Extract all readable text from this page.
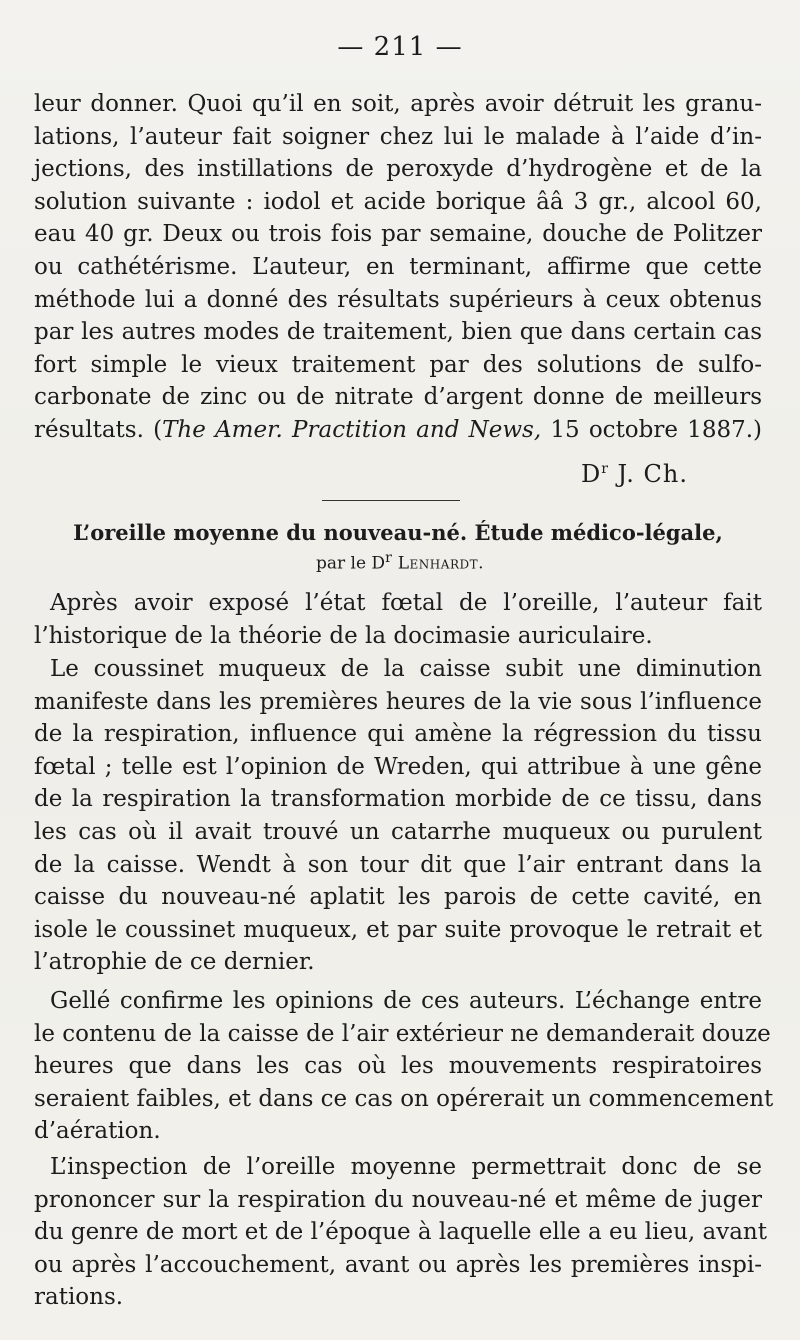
— 211 —
leur donner. Quoi qu’il en soit, après avoir détruit les granu-
lations, l’auteur fait soigner chez lui le malade à l’aide d’in-
jections, des instillations de peroxyde d’hydrogène et de la
solution suivante : iodol et acide borique ââ 3 gr., alcool 60,
eau 40 gr. Deux ou trois fois par semaine, douche de Politzer
ou cathétérisme. L’auteur, en terminant, affirme que cette
méthode lui a donné des résultats supérieurs à ceux obtenus
par les autres modes de traitement, bien que dans certain cas
fort simple le vieux traitement par des solutions de sulfo-
carbonate de zinc ou de nitrate d’argent donne de meilleurs
résultats. (The Amer. Practition and News, 15 octobre 1887.)
$D^r$ J. Ch.
L’oreille moyenne du nouveau-né. Étude médico-légale,
par le $D^r$ Lenhardt.
Après avoir exposé l’état fœtal de l’oreille, l’auteur fait
l’historique de la théorie de la docimasie auriculaire.
Le coussinet muqueux de la caisse subit une diminution
manifeste dans les premières heures de la vie sous l’influence
de la respiration, influence qui amène la régression du tissu
fœtal ; telle est l’opinion de Wreden, qui attribue à une gêne
de la respiration la transformation morbide de ce tissu, dans
les cas où il avait trouvé un catarrhe muqueux ou purulent
de la caisse. Wendt à son tour dit que l’air entrant dans la
caisse du nouveau-né aplatit les parois de cette cavité, en
isole le coussinet muqueux, et par suite provoque le retrait et
l’atrophie de ce dernier.
Gellé confirme les opinions de ces auteurs. L’échange entre
le contenu de la caisse de l’air extérieur ne demanderait douze
heures que dans les cas où les mouvements respiratoires
seraient faibles, et dans ce cas on opérerait un commencement
d’aération.
L’inspection de l’oreille moyenne permettrait donc de se
prononcer sur la respiration du nouveau-né et même de juger
du genre de mort et de l’époque à laquelle elle a eu lieu, avant
ou après l’accouchement, avant ou après les premières inspi-
rations.
